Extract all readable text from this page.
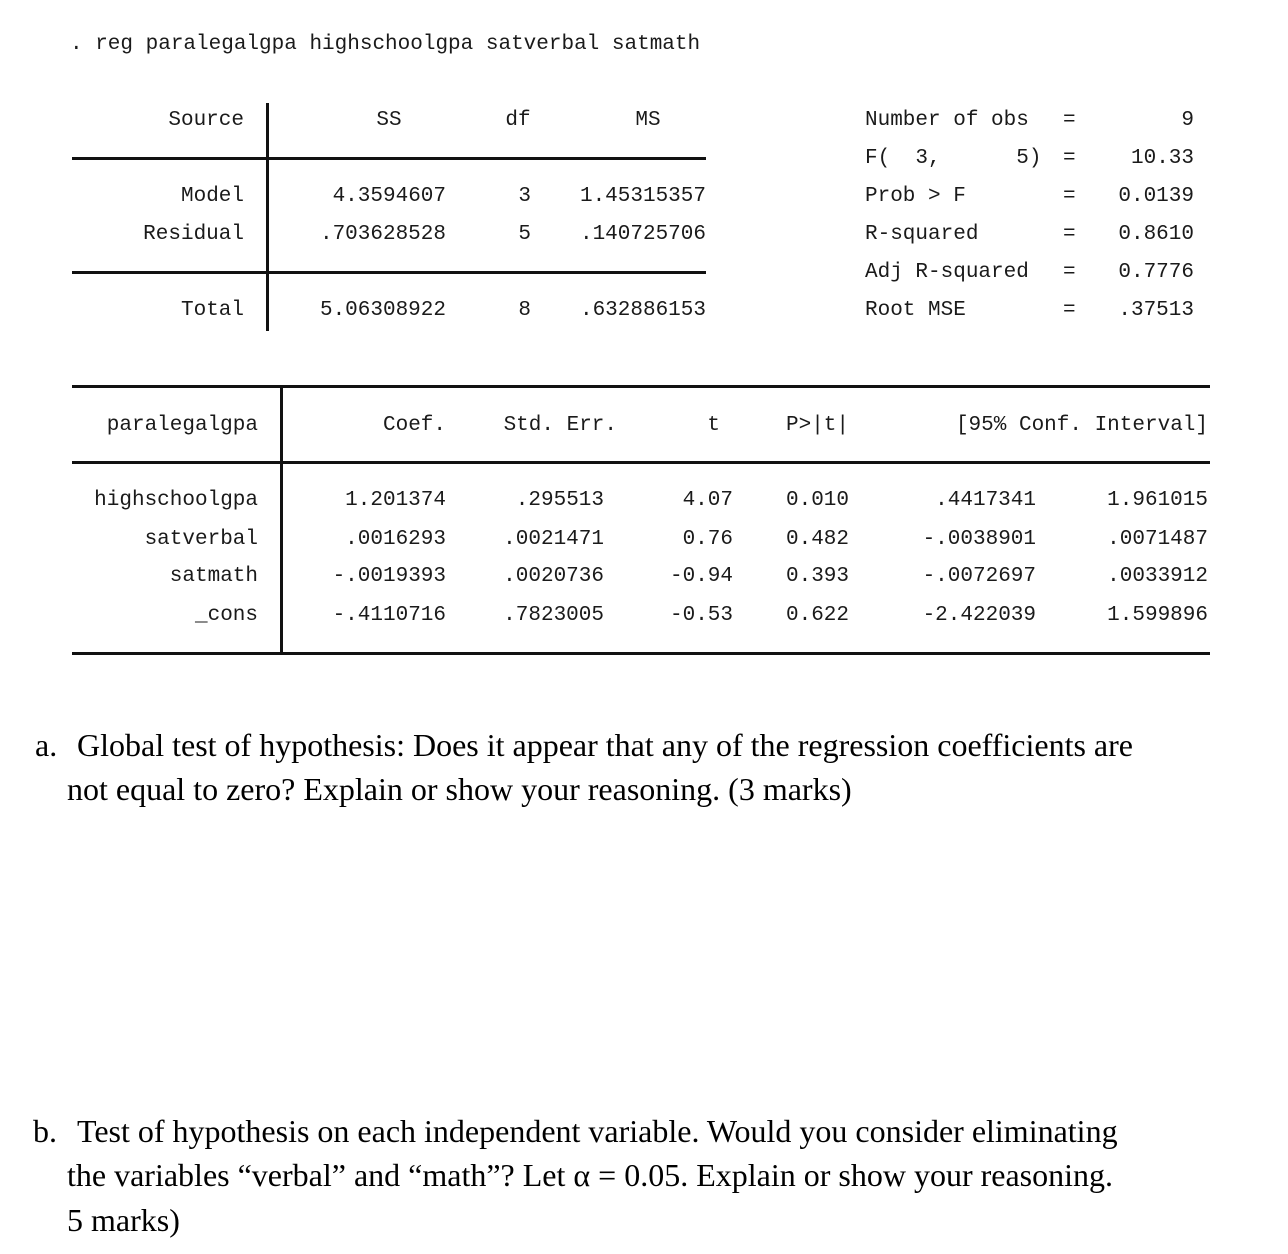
. reg paralegalgpa highschoolgpa satverbal satmath
Source	SS	df	MS
Model	4.3594607	3 1.45315357
Residual	.703628528	5 .140725706
Total	5.06308922	8 .632886153
Number of obs =	9
F(  3,      5) =	10.33
Prob > F	= 0.0139
R-squared	= 0.8610
Adj R-squared = 0.7776
Root MSE	= .37513
paralegalgpa	Coef.	Std. Err.	t	P>|t|	[95% Conf. Interval]
highschoolgpa	1.201374	.295513	4.07	0.010	.4417341	1.961015
satverbal	.0016293	.0021471	0.76	0.482	-.0038901	.0071487
satmath	-.0019393	.0020736	-0.94	0.393	-.0072697	.0033912
_cons	-.4110716	.7823005	-0.53	0.622	-2.422039	1.599896
a. Global test of hypothesis: Does it appear that any of the regression coefficients are
not equal to zero? Explain or show your reasoning. (3 marks)
b. Test of hypothesis on each independent variable. Would you consider eliminating
the variables “verbal” and “math”? Let α = 0.05. Explain or show your reasoning.
5 marks)
